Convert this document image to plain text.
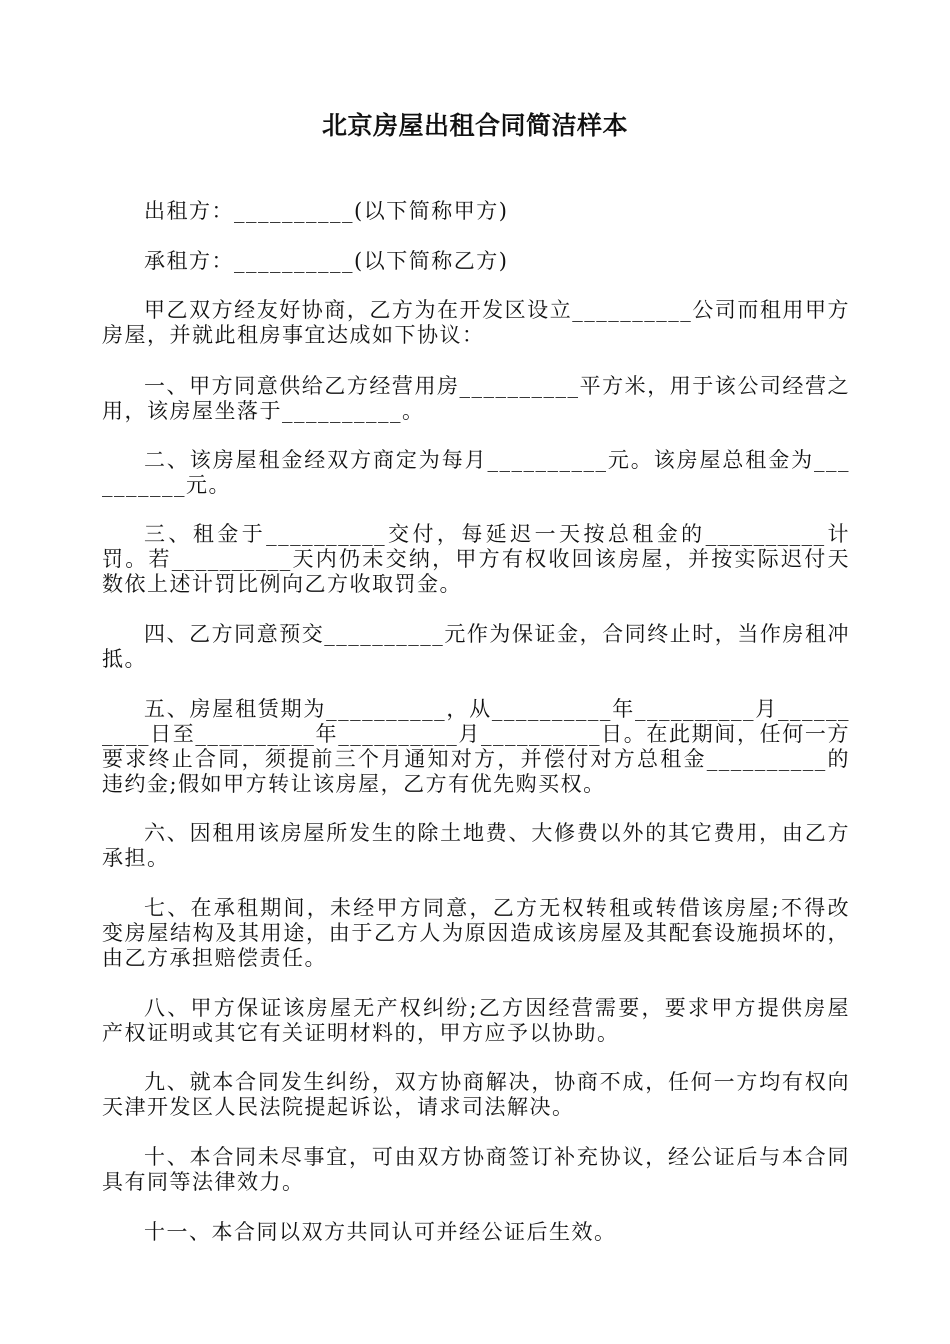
北京房屋出租合同简洁样本
出租方：__________(以下简称甲方)
承租方：__________(以下简称乙方)
甲乙双方经友好协商，乙方为在开发区设立__________公司而租用甲方房屋，并就此租房事宜达成如下协议：
一、甲方同意供给乙方经营用房__________平方米，用于该公司经营之用，该房屋坐落于__________。
二、该房屋租金经双方商定为每月__________元。该房屋总租金为__________元。
三、租金于__________交付，每延迟一天按总租金的__________计罚。若__________天内仍未交纳，甲方有权收回该房屋，并按实际迟付天数依上述计罚比例向乙方收取罚金。
四、乙方同意预交__________元作为保证金，合同终止时，当作房租冲抵。
五、房屋租赁期为__________，从__________年__________月__________日至__________年__________月__________日。在此期间，任何一方要求终止合同，须提前三个月通知对方，并偿付对方总租金__________的违约金;假如甲方转让该房屋，乙方有优先购买权。
六、因租用该房屋所发生的除土地费、大修费以外的其它费用，由乙方承担。
七、在承租期间，未经甲方同意，乙方无权转租或转借该房屋;不得改变房屋结构及其用途，由于乙方人为原因造成该房屋及其配套设施损坏的，由乙方承担赔偿责任。
八、甲方保证该房屋无产权纠纷;乙方因经营需要，要求甲方提供房屋产权证明或其它有关证明材料的，甲方应予以协助。
九、就本合同发生纠纷，双方协商解决，协商不成，任何一方均有权向天津开发区人民法院提起诉讼，请求司法解决。
十、本合同未尽事宜，可由双方协商签订补充协议，经公证后与本合同具有同等法律效力。
十一、本合同以双方共同认可并经公证后生效。
